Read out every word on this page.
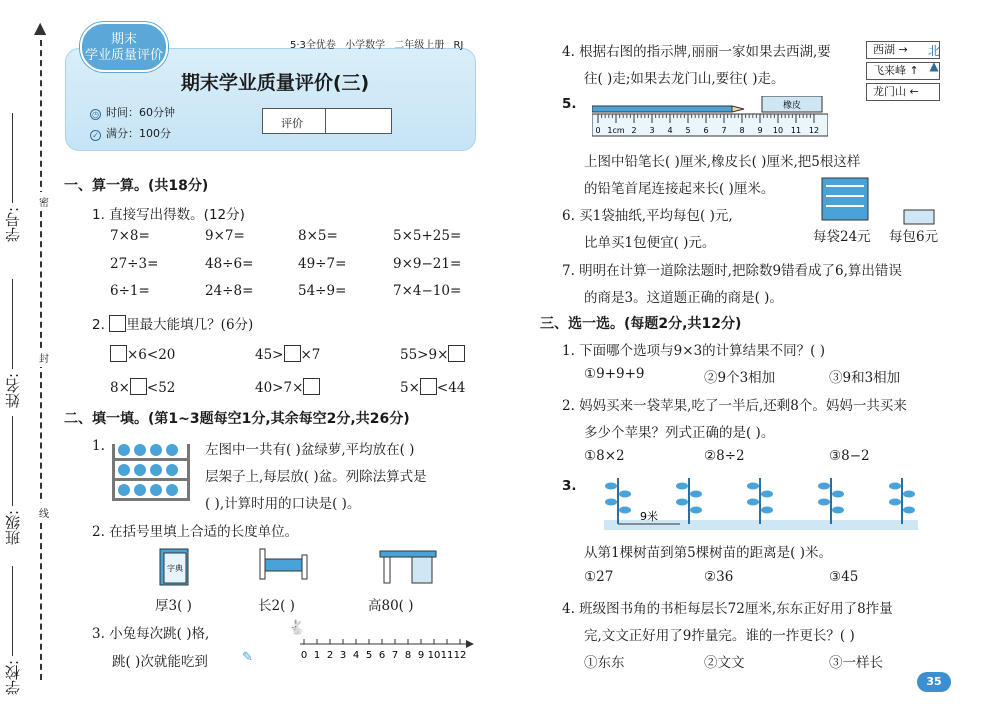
▲
学号:
姓名:
班级:
学校:
密
封
线
期末
学业质量评价
5·3全优卷 小学数学 二年级上册 RJ
期末学业质量评价(三)
◷ 时间：60分钟
✓ 满分：100分
评价
一、算一算。(共18分)
1. 直接写出得数。(12分)
7×8=	9×7=	8×5=	5×5+25=
27÷3=	48÷6=	49÷7=	9×9−21=
6÷1=	24÷8=	54÷9=	7×4−10=
2. 里最大能填几？(6分)
×6<20	45> ×7	55>9×
8× <52	40>7×	5× <44
二、填一填。(第1~3题每空1分,其余每空2分,共26分)
1.	左图中一共有( )盆绿萝,平均放在( )
层架子上,每层放( )盆。列除法算式是
( ),计算时用的口诀是( )。
2. 在括号里填上合适的长度单位。
字典
厚3( )	长2( )	高80( )
3. 小兔每次跳( )格,
跳( )次就能吃到	✎
🐇
0 1 2 3 4 5 6 7 8 9 10 11 12
4. 根据右图的指示牌,丽丽一家如果去西湖,要
往( )走;如果去龙门山,要往( )走。
西湖 →
飞来峰 ↑
龙门山 ←
北
▲
5.	橡皮
0 1cm 2 3 4 5 6 7 8 9 10 11 12
上图中铅笔长( )厘米,橡皮长( )厘米,把5根这样
的铅笔首尾连接起来长( )厘米。
6. 买1袋抽纸,平均每包( )元,
比单买1包便宜( )元。	每袋24元 每包6元
7. 明明在计算一道除法题时,把除数9错看成了6,算出错误
的商是3。这道题正确的商是( )。
三、选一选。(每题2分,共12分)
1. 下面哪个选项与9×3的计算结果不同？( )
①9+9+9	②9个3相加	③9和3相加
2. 妈妈买来一袋苹果,吃了一半后,还剩8个。妈妈一共买来
多少个苹果？列式正确的是( )。
①8×2	②8÷2	③8−2
3.
9米
从第1棵树苗到第5棵树苗的距离是( )米。
①27	②36	③45
4. 班级图书角的书柜每层长72厘米,东东正好用了8拃量
完,文文正好用了9拃量完。谁的一拃更长？( )
①东东	②文文	③一样长
35
